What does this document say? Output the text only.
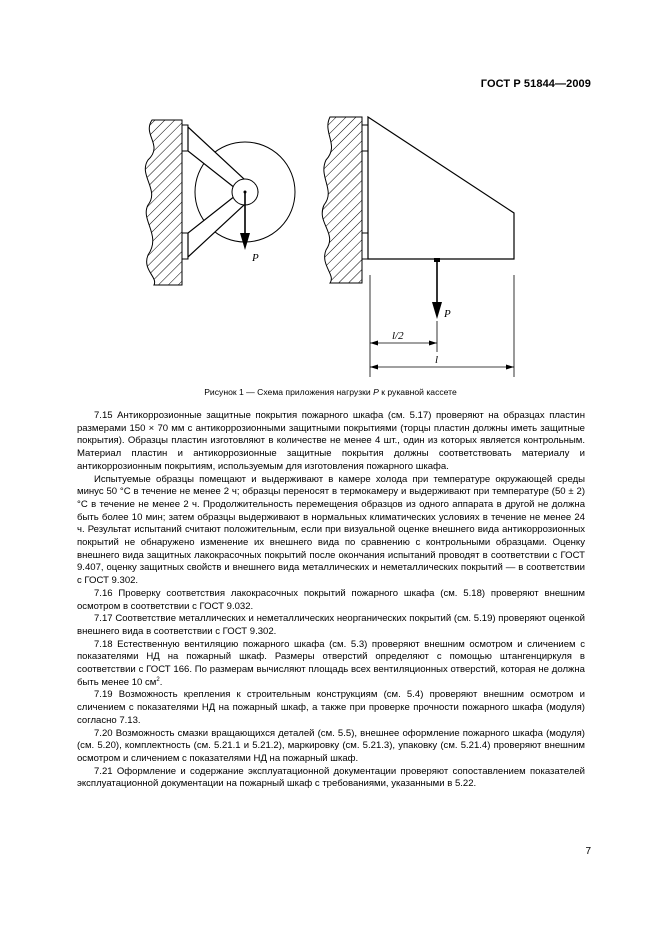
ГОСТ Р 51844—2009
P
P
l/2
l
Рисунок 1 — Схема приложения нагрузки P к рукавной кассете

7.15 Антикоррозионные защитные покрытия пожарного шкафа (см. 5.17) проверяют на образцах пластин размерами 150 × 70 мм с антикоррозионными защитными покрытиями (торцы пластин должны иметь защитные покрытия). Образцы пластин изготовляют в количестве не менее 4 шт., один из которых является контрольным. Материал пластин и антикоррозионные защитные покрытия должны соответствовать материалу и антикоррозионным покрытиям, используемым для изготовления пожарного шкафа.

Испытуемые образцы помещают и выдерживают в камере холода при температуре окружающей среды минус 50 °С в течение не менее 2 ч; образцы переносят в термокамеру и выдерживают при температуре (50 ± 2) °С в течение не менее 2 ч. Продолжительность перемещения образцов из одного аппарата в другой не должна быть более 10 мин; затем образцы выдерживают в нормальных климатических условиях в течение не менее 24 ч. Результат испытаний считают положительным, если при визуальной оценке внешнего вида антикоррозионных покрытий не обнаружено изменение их внешнего вида по сравнению с контрольными образцами. Оценку внешнего вида защитных лакокрасочных покрытий после окончания испытаний проводят в соответствии с ГОСТ 9.407, оценку защитных свойств и внешнего вида металлических и неметаллических покрытий — в соответствии с ГОСТ 9.302.

7.16 Проверку соответствия лакокрасочных покрытий пожарного шкафа (см. 5.18) проверяют внешним осмотром в соответствии с ГОСТ 9.032.

7.17 Соответствие металлических и неметаллических неорганических покрытий (см. 5.19) проверяют оценкой внешнего вида в соответствии с ГОСТ 9.302.

7.18 Естественную вентиляцию пожарного шкафа (см. 5.3) проверяют внешним осмотром и сличением с показателями НД на пожарный шкаф. Размеры отверстий определяют с помощью штангенциркуля в соответствии с ГОСТ 166. По размерам вычисляют площадь всех вентиляционных отверстий, которая не должна быть менее 10 $см^2$.

7.19 Возможность крепления к строительным конструкциям (см. 5.4) проверяют внешним осмотром и сличением с показателями НД на пожарный шкаф, а также при проверке прочности пожарного шкафа (модуля) согласно 7.13.

7.20 Возможность смазки вращающихся деталей (см. 5.5), внешнее оформление пожарного шкафа (модуля) (см. 5.20), комплектность (см. 5.21.1 и 5.21.2), маркировку (см. 5.21.3), упаковку (см. 5.21.4) проверяют внешним осмотром и сличением с показателями НД на пожарный шкаф.

7.21 Оформление и содержание эксплуатационной документации проверяют сопоставлением показателей эксплуатационной документации на пожарный шкаф с требованиями, указанными в 5.22.

7
